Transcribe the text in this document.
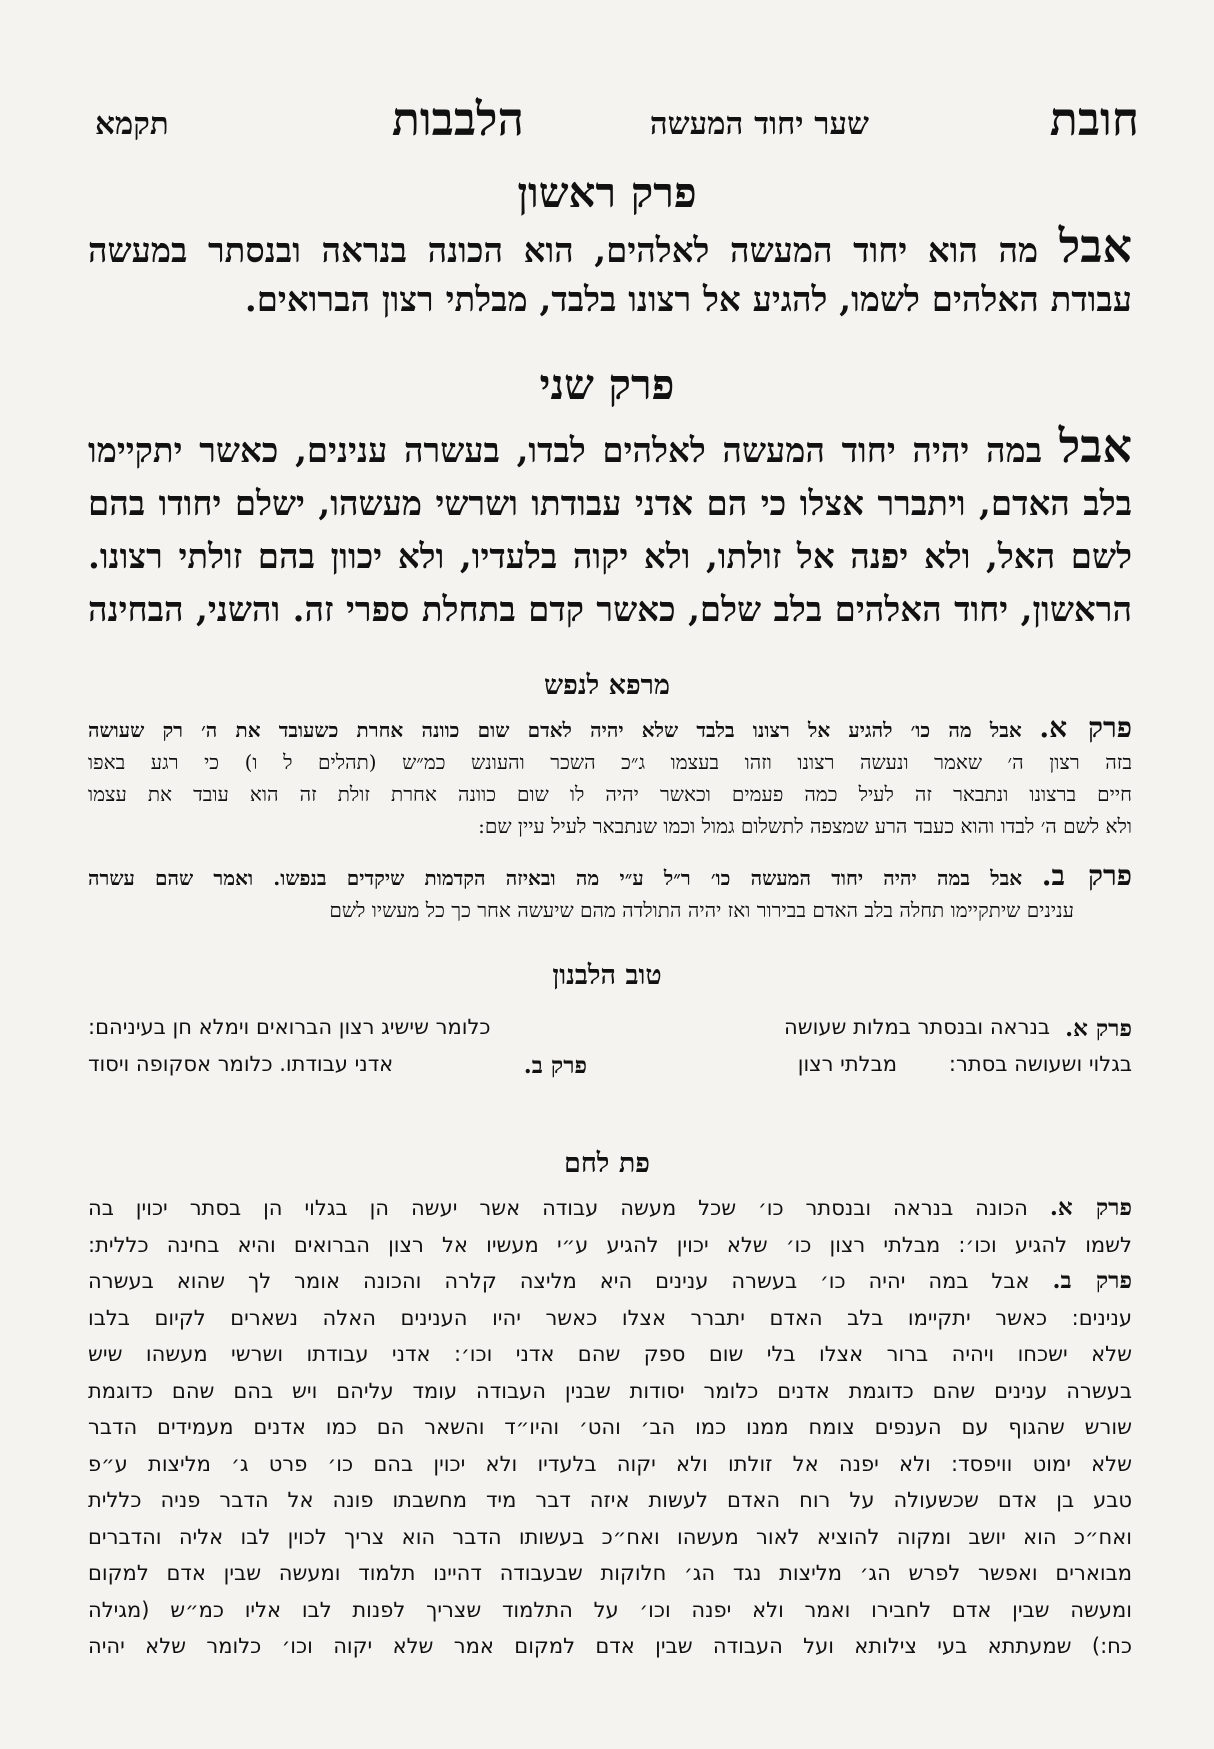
חובת
שער יחוד המעשה
הלבבות
תקמא
פרק ראשון
אבל מה הוא יחוד המעשה לאלהים, הוא הכונה בנראה ובנסתר במעשה
עבודת האלהים לשמו, להגיע אל רצונו בלבד, מבלתי רצון הברואים.
פרק שני
אבל במה יהיה יחוד המעשה לאלהים לבדו, בעשרה ענינים, כאשר יתקיימו
בלב האדם, ויתברר אצלו כי הם אדני עבודתו ושרשי מעשהו, ישלם יחודו בהם
לשם האל, ולא יפנה אל זולתו, ולא יקוה בלעדיו, ולא יכוון בהם זולתי רצונו.
הראשון, יחוד האלהים בלב שלם, כאשר קדם בתחלת ספרי זה. והשני, הבחינה
מרפא לנפש
פרק א. אבל מה כו׳ להגיע אל רצונו בלבד שלא יהיה לאדם שום כוונה אחרת כשעובד את ה׳ רק שעושה
בזה רצון ה׳ שאמר ונעשה רצונו וזהו בעצמו ג״כ השכר והעונש כמ״ש (תהלים ל ו) כי רגע באפו
חיים ברצונו ונתבאר זה לעיל כמה פעמים וכאשר יהיה לו שום כוונה אחרת זולת זה הוא עובד את עצמו
ולא לשם ה׳ לבדו והוא כעבד הרע שמצפה לתשלום גמול וכמו שנתבאר לעיל עיין שם:
פרק ב. אבל במה יהיה יחוד המעשה כו׳ ר״ל ע״י מה ובאיזה הקדמות שיקדים בנפשו. ואמר שהם עשרה
ענינים שיתקיימו תחלה בלב האדם בבירור ואז יהיה התולדה מהם שיעשה אחר כך כל מעשיו לשם
טוב הלבנון
פרק א.
בנראה ובנסתר במלות שעושה
כלומר שישיג רצון הברואים וימלא חן בעיניהם:
בגלוי ושעושה בסתר:
מבלתי רצון
פרק ב.
אדני עבודתו. כלומר אסקופה ויסוד
פת לחם
פרק א. הכונה בנראה ובנסתר כו׳ שכל מעשה עבודה אשר יעשה הן בגלוי הן בסתר יכוין בה
לשמו להגיע וכו׳: מבלתי רצון כו׳ שלא יכוין להגיע ע״י מעשיו אל רצון הברואים והיא בחינה כללית:
פרק ב. אבל במה יהיה כו׳ בעשרה ענינים היא מליצה קלרה והכונה אומר לך שהוא בעשרה
ענינים: כאשר יתקיימו בלב האדם יתברר אצלו כאשר יהיו הענינים האלה נשארים לקיום בלבו
שלא ישכחו ויהיה ברור אצלו בלי שום ספק שהם אדני וכו׳: אדני עבודתו ושרשי מעשהו שיש
בעשרה ענינים שהם כדוגמת אדנים כלומר יסודות שבנין העבודה עומד עליהם ויש בהם שהם כדוגמת
שורש שהגוף עם הענפים צומח ממנו כמו הב׳ והט׳ והיו״ד והשאר הם כמו אדנים מעמידים הדבר
שלא ימוט וויפסד: ולא יפנה אל זולתו ולא יקוה בלעדיו ולא יכוין בהם כו׳ פרט ג׳ מליצות ע״פ
טבע בן אדם שכשעולה על רוח האדם לעשות איזה דבר מיד מחשבתו פונה אל הדבר פניה כללית
ואח״כ הוא יושב ומקוה להוציא לאור מעשהו ואח״כ בעשותו הדבר הוא צריך לכוין לבו אליה והדברים
מבוארים ואפשר לפרש הג׳ מליצות נגד הג׳ חלוקות שבעבודה דהיינו תלמוד ומעשה שבין אדם למקום
ומעשה שבין אדם לחבירו ואמר ולא יפנה וכו׳ על התלמוד שצריך לפנות לבו אליו כמ״ש (מגילה
כח:) שמעתתא בעי צילותא ועל העבודה שבין אדם למקום אמר שלא יקוה וכו׳ כלומר שלא יהיה
